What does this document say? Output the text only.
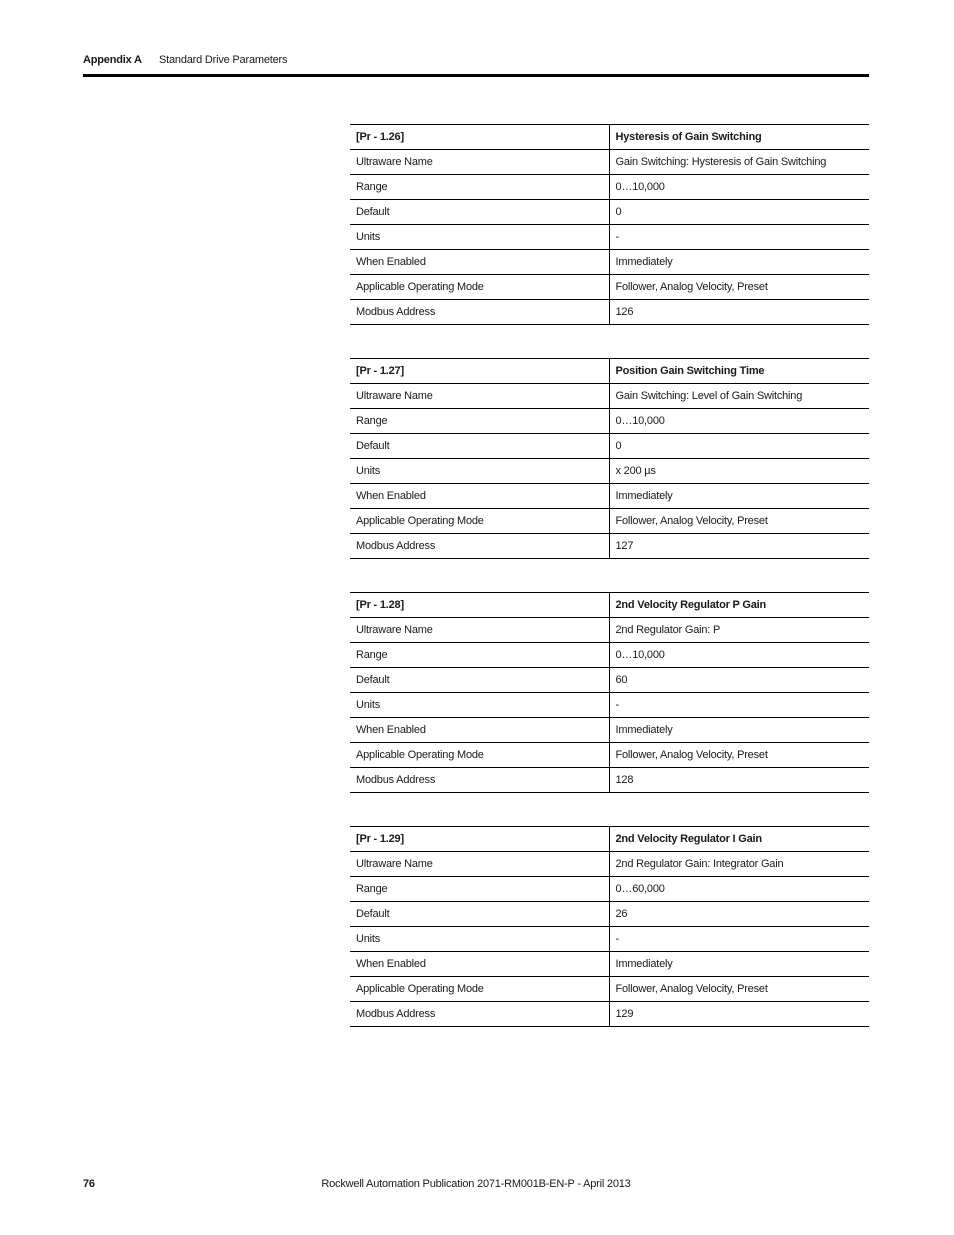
Appendix A Standard Drive Parameters
[Pr - 1.26]	Hysteresis of Gain Switching
Ultraware Name	Gain Switching: Hysteresis of Gain Switching
Range	0…10,000
Default	0
Units	-
When Enabled	Immediately
Applicable Operating Mode	Follower, Analog Velocity, Preset
Modbus Address	126
[Pr - 1.27]	Position Gain Switching Time
Ultraware Name	Gain Switching: Level of Gain Switching
Range	0…10,000
Default	0
Units	x 200 µs
When Enabled	Immediately
Applicable Operating Mode	Follower, Analog Velocity, Preset
Modbus Address	127
[Pr - 1.28]	2nd Velocity Regulator P Gain
Ultraware Name	2nd Regulator Gain: P
Range	0…10,000
Default	60
Units	-
When Enabled	Immediately
Applicable Operating Mode	Follower, Analog Velocity, Preset
Modbus Address	128
[Pr - 1.29]	2nd Velocity Regulator I Gain
Ultraware Name	2nd Regulator Gain: Integrator Gain
Range	0…60,000
Default	26
Units	-
When Enabled	Immediately
Applicable Operating Mode	Follower, Analog Velocity, Preset
Modbus Address	129
76	Rockwell Automation Publication 2071-RM001B-EN-P - April 2013
